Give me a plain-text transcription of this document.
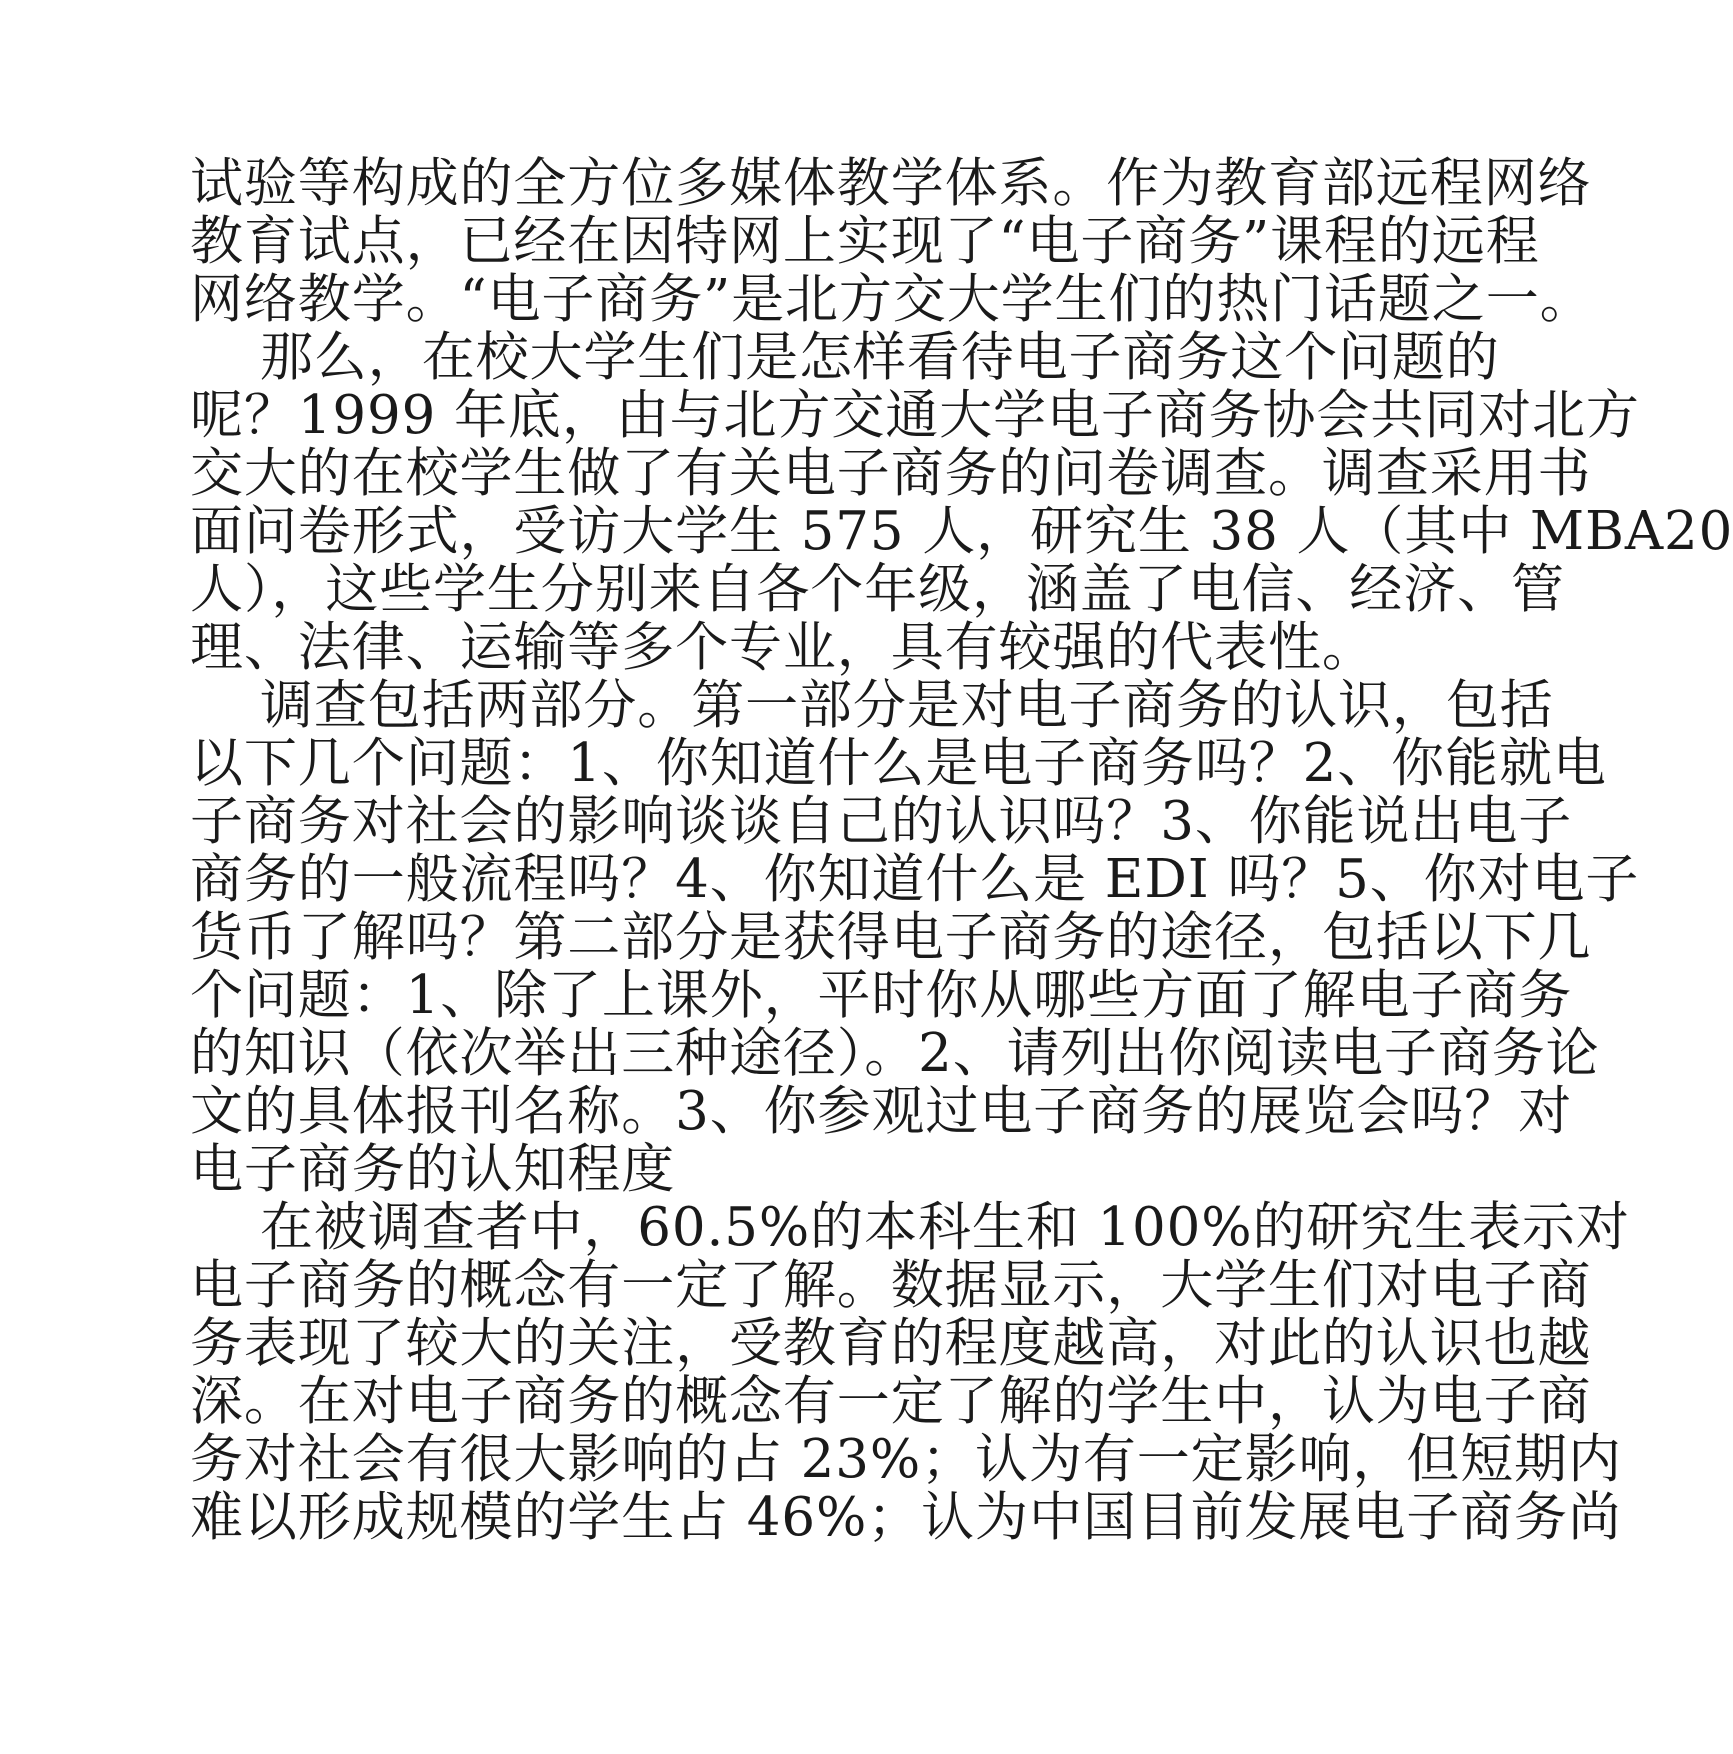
试验等构成的全方位多媒体教学体系。作为教育部远程网络
教育试点，已经在因特网上实现了“电子商务”课程的远程
网络教学。“电子商务”是北方交大学生们的热门话题之一。
那么，在校大学生们是怎样看待电子商务这个问题的
呢？1999 年底，由与北方交通大学电子商务协会共同对北方
交大的在校学生做了有关电子商务的问卷调查。调查采用书
面问卷形式，受访大学生 575 人，研究生 38 人（其中 MBA20
人），这些学生分别来自各个年级，涵盖了电信、经济、管
理、法律、运输等多个专业，具有较强的代表性。
调查包括两部分。第一部分是对电子商务的认识，包括
以下几个问题：1、你知道什么是电子商务吗？2、你能就电
子商务对社会的影响谈谈自己的认识吗？3、你能说出电子
商务的一般流程吗？4、你知道什么是 EDI 吗？5、你对电子
货币了解吗？第二部分是获得电子商务的途径，包括以下几
个问题：1、除了上课外，平时你从哪些方面了解电子商务
的知识（依次举出三种途径）。2、请列出你阅读电子商务论
文的具体报刊名称。3、你参观过电子商务的展览会吗？对
电子商务的认知程度
在被调查者中，60.5%的本科生和 100%的研究生表示对
电子商务的概念有一定了解。数据显示，大学生们对电子商
务表现了较大的关注，受教育的程度越高，对此的认识也越
深。在对电子商务的概念有一定了解的学生中，认为电子商
务对社会有很大影响的占 23%；认为有一定影响，但短期内
难以形成规模的学生占 46%；认为中国目前发展电子商务尚
